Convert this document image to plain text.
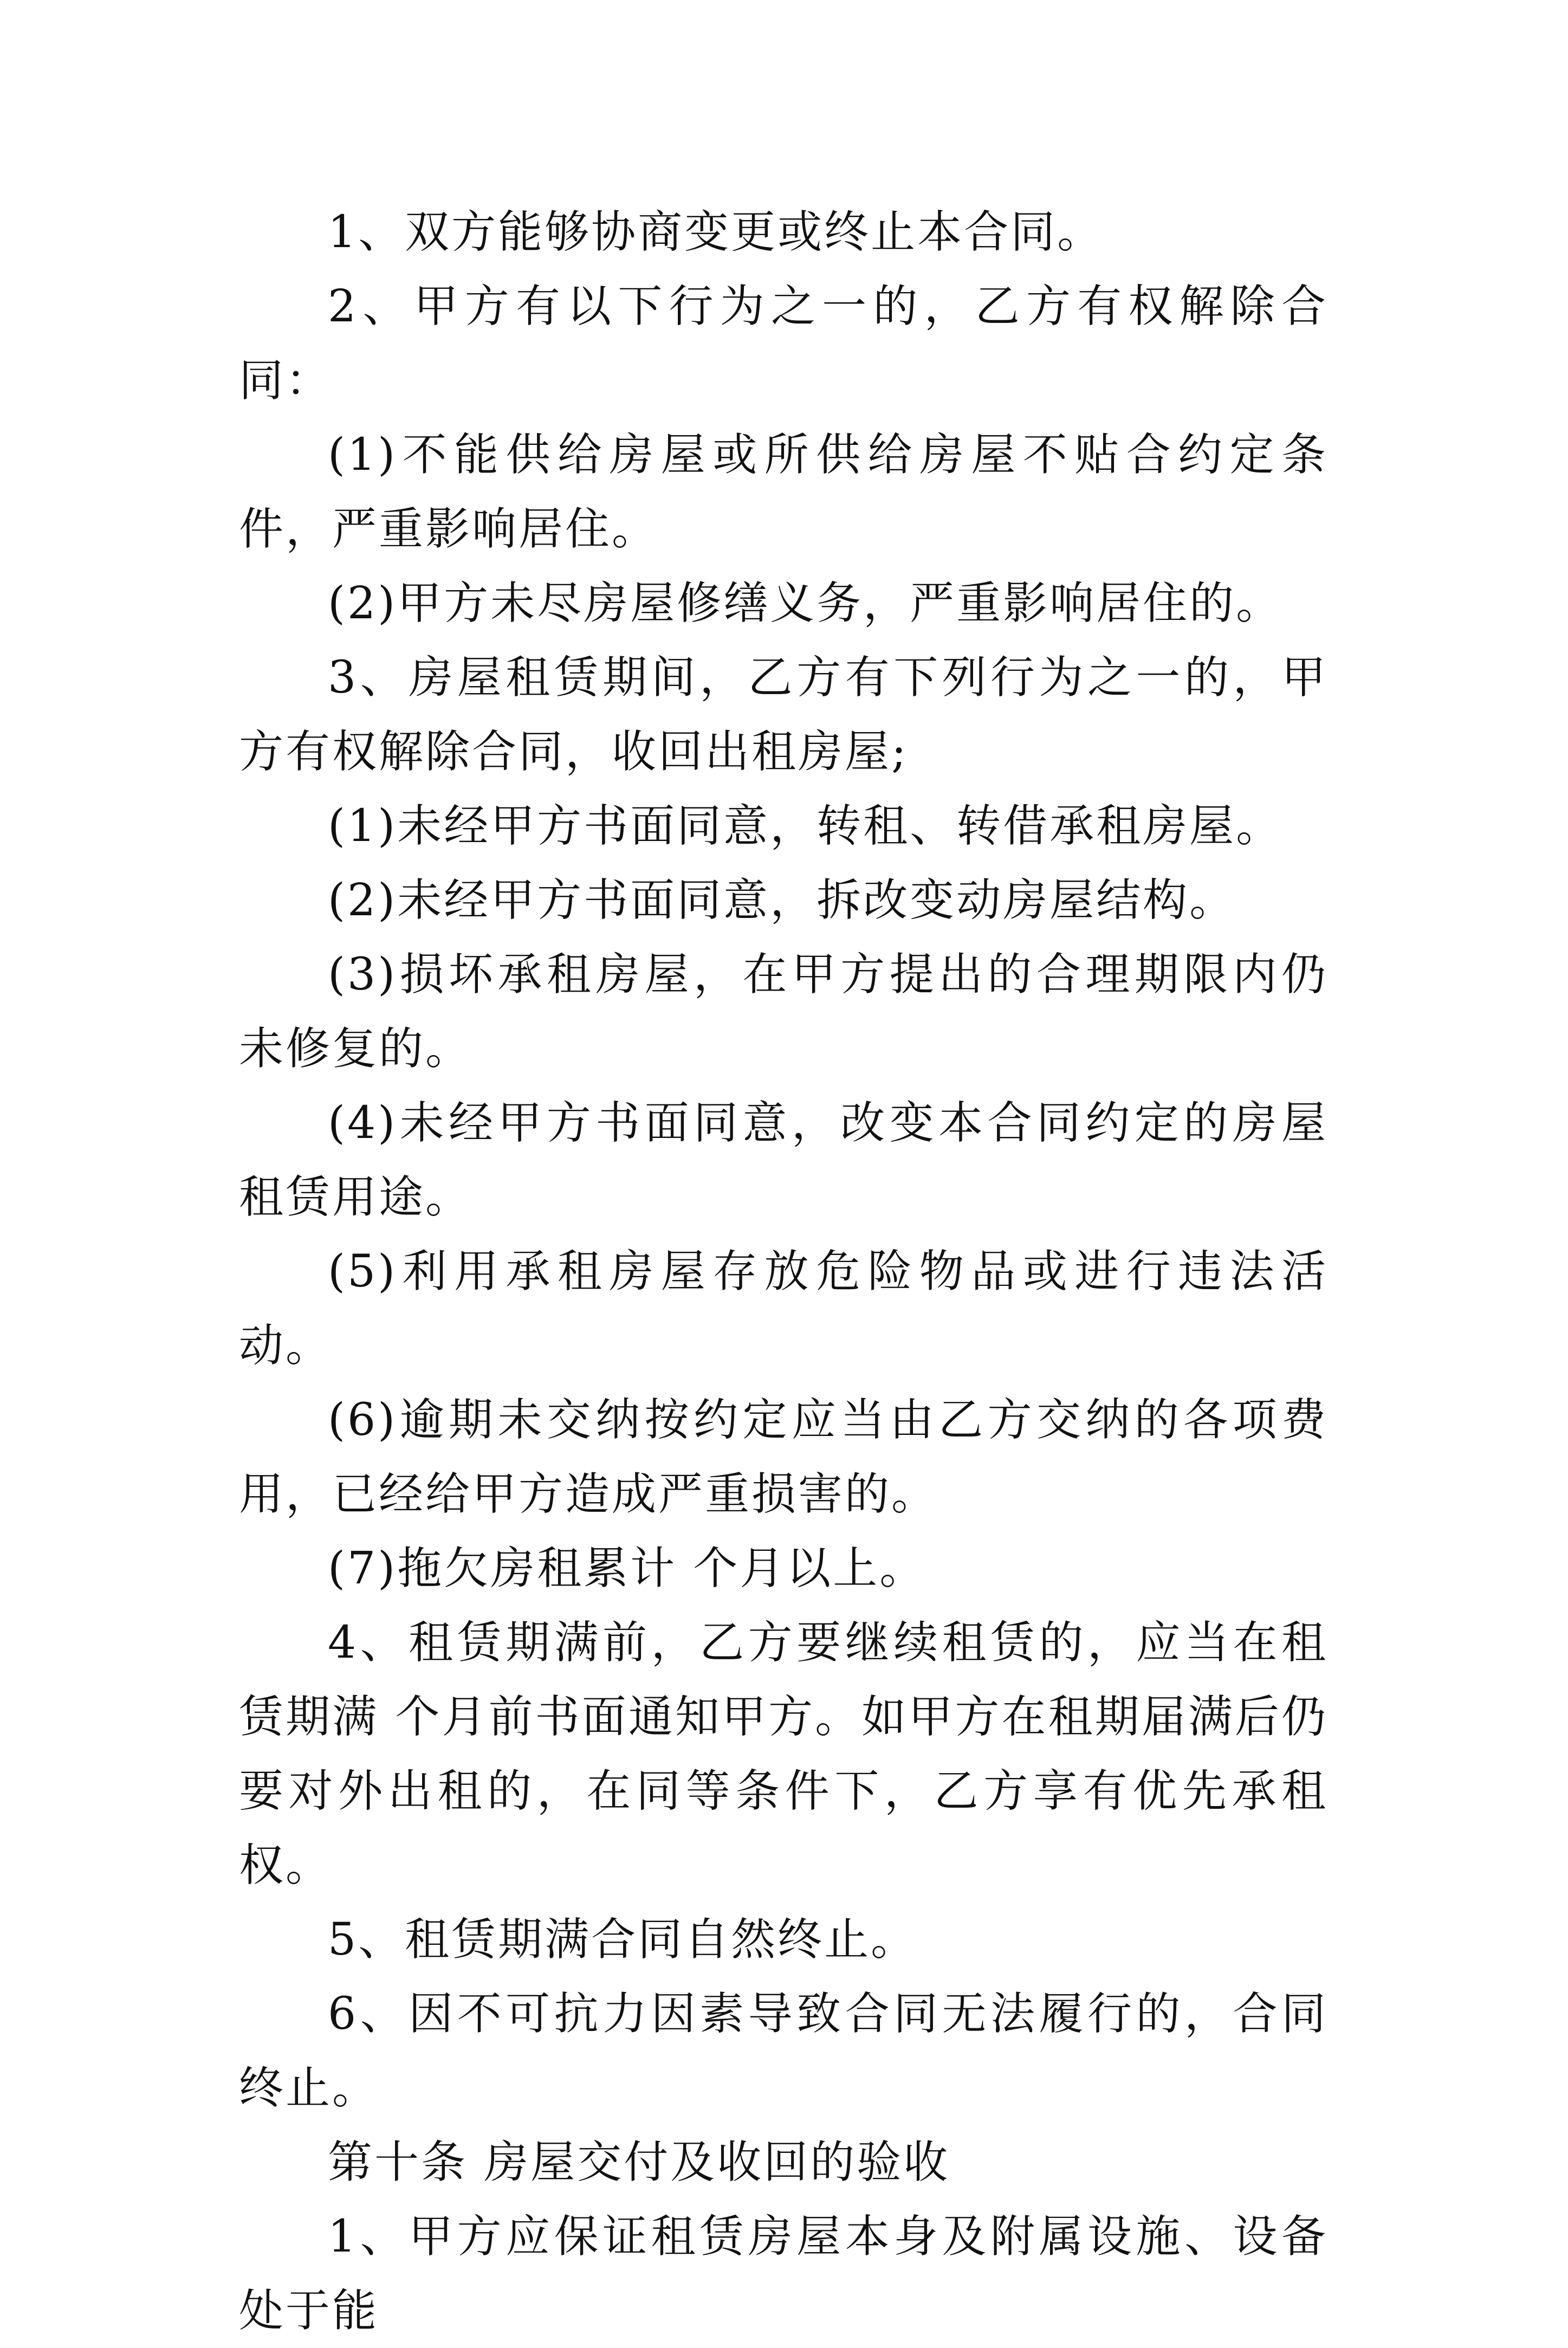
1、双方能够协商变更或终止本合同。

2、甲方有以下行为之一的，乙方有权解除合同：

(1)不能供给房屋或所供给房屋不贴合约定条件，严重影响居住。

(2)甲方未尽房屋修缮义务，严重影响居住的。

3、房屋租赁期间，乙方有下列行为之一的，甲方有权解除合同，收回出租房屋;

(1)未经甲方书面同意，转租、转借承租房屋。

(2)未经甲方书面同意，拆改变动房屋结构。

(3)损坏承租房屋，在甲方提出的合理期限内仍未修复的。

(4)未经甲方书面同意，改变本合同约定的房屋租赁用途。

(5)利用承租房屋存放危险物品或进行违法活动。

(6)逾期未交纳按约定应当由乙方交纳的各项费用，已经给甲方造成严重损害的。

(7)拖欠房租累计 个月以上。

4、租赁期满前，乙方要继续租赁的，应当在租赁期满 个月前书面通知甲方。如甲方在租期届满后仍要对外出租的，在同等条件下，乙方享有优先承租权。

5、租赁期满合同自然终止。

6、因不可抗力因素导致合同无法履行的，合同终止。

第十条 房屋交付及收回的验收

1、甲方应保证租赁房屋本身及附属设施、设备处于能
